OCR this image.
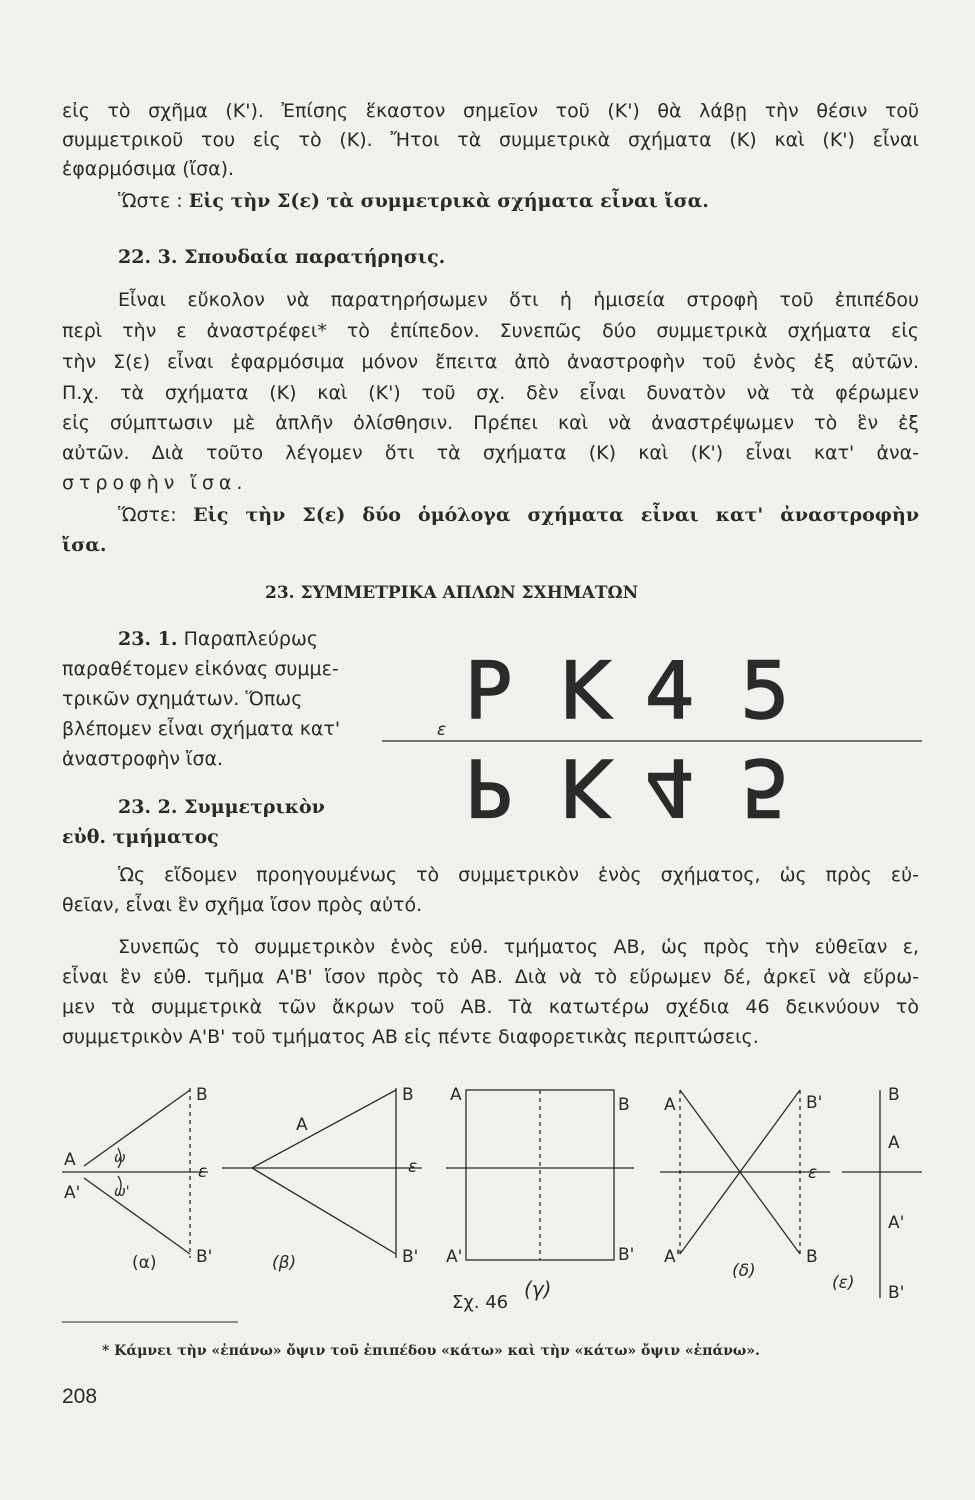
εἰς τὸ σχῆμα (Κ'). Ἐπίσης ἕκαστον σημεῖον τοῦ (Κ') θὰ λάβῃ τὴν θέσιν τοῦ
συμμετρικοῦ του εἰς τὸ (Κ). Ἤτοι τὰ συμμετρικὰ σχήματα (Κ) καὶ (Κ') εἶναι
ἐφαρμόσιμα (ἴσα).
Ὥστε : Εἰς τὴν Σ(ε) τὰ συμμετρικὰ σχήματα εἶναι ἴσα.
22. 3. Σπουδαία παρατήρησις.
Εἶναι εὔκολον νὰ παρατηρήσωμεν ὅτι ἡ ἡμισεία στροφὴ τοῦ ἐπιπέδου
περὶ τὴν ε ἀναστρέφει* τὸ ἐπίπεδον. Συνεπῶς δύο συμμετρικὰ σχήματα εἰς
τὴν Σ(ε) εἶναι ἐφαρμόσιμα μόνον ἔπειτα ἀπὸ ἀναστροφὴν τοῦ ἑνὸς ἐξ αὐτῶν.
Π.χ. τὰ σχήματα (Κ) καὶ (Κ') τοῦ σχ. δὲν εἶναι δυνατὸν νὰ τὰ φέρωμεν
εἰς σύμπτωσιν μὲ ἁπλῆν ὀλίσθησιν. Πρέπει καὶ νὰ ἀναστρέψωμεν τὸ ἓν ἐξ
αὐτῶν. Διὰ τοῦτο λέγομεν ὅτι τὰ σχήματα (Κ) καὶ (Κ') εἶναι κατ' ἀνα-
στροφὴν ἴσα.
Ὥστε: Εἰς τὴν Σ(ε) δύο ὁμόλογα σχήματα εἶναι κατ' ἀναστροφὴν
ἴσα.
23. ΣΥΜΜΕΤΡΙΚΑ ΑΠΛΩΝ ΣΧΗΜΑΤΩΝ
23. 1. Παραπλεύρως
παραθέτομεν εἰκόνας συμμε-
τρικῶν σχημάτων. Ὅπως
βλέπομεν εἶναι σχήματα κατ'
ἀναστροφὴν ἴσα.
P K 4 5
ε
P K 4 5
23. 2. Συμμετρικὸν
εὐθ. τμήματος
Ὡς εἴδομεν προηγουμένως τὸ συμμετρικὸν ἑνὸς σχήματος, ὡς πρὸς εὐ-
θεῖαν, εἶναι ἓν σχῆμα ἴσον πρὸς αὐτό.
Συνεπῶς τὸ συμμετρικὸν ἑνὸς εὐθ. τμήματος ΑΒ, ὡς πρὸς τὴν εὐθεῖαν ε,
εἶναι ἓν εὐθ. τμῆμα Α'Β' ἴσον πρὸς τὸ ΑΒ. Διὰ νὰ τὸ εὕρωμεν δέ, ἀρκεῖ νὰ εὕρω-
μεν τὰ συμμετρικὰ τῶν ἄκρων τοῦ ΑΒ. Τὰ κατωτέρω σχέδια 46 δεικνύουν τὸ
συμμετρικὸν Α'Β' τοῦ τμήματος ΑΒ εἰς πέντε διαφορετικὰς περιπτώσεις.
B
A
A'
B'
ε
ω
ω'
(α)
B
A
B'
ε
(β)
A	B
A'	B'
(γ)
A	B'
ε
A'	B
(δ)
B
A
A'
B'
(ε)
Σχ. 46
* Κάμνει τὴν «ἐπάνω» ὄψιν τοῦ ἐπιπέδου «κάτω» καὶ τὴν «κάτω» ὄψιν «ἐπάνω».
208
